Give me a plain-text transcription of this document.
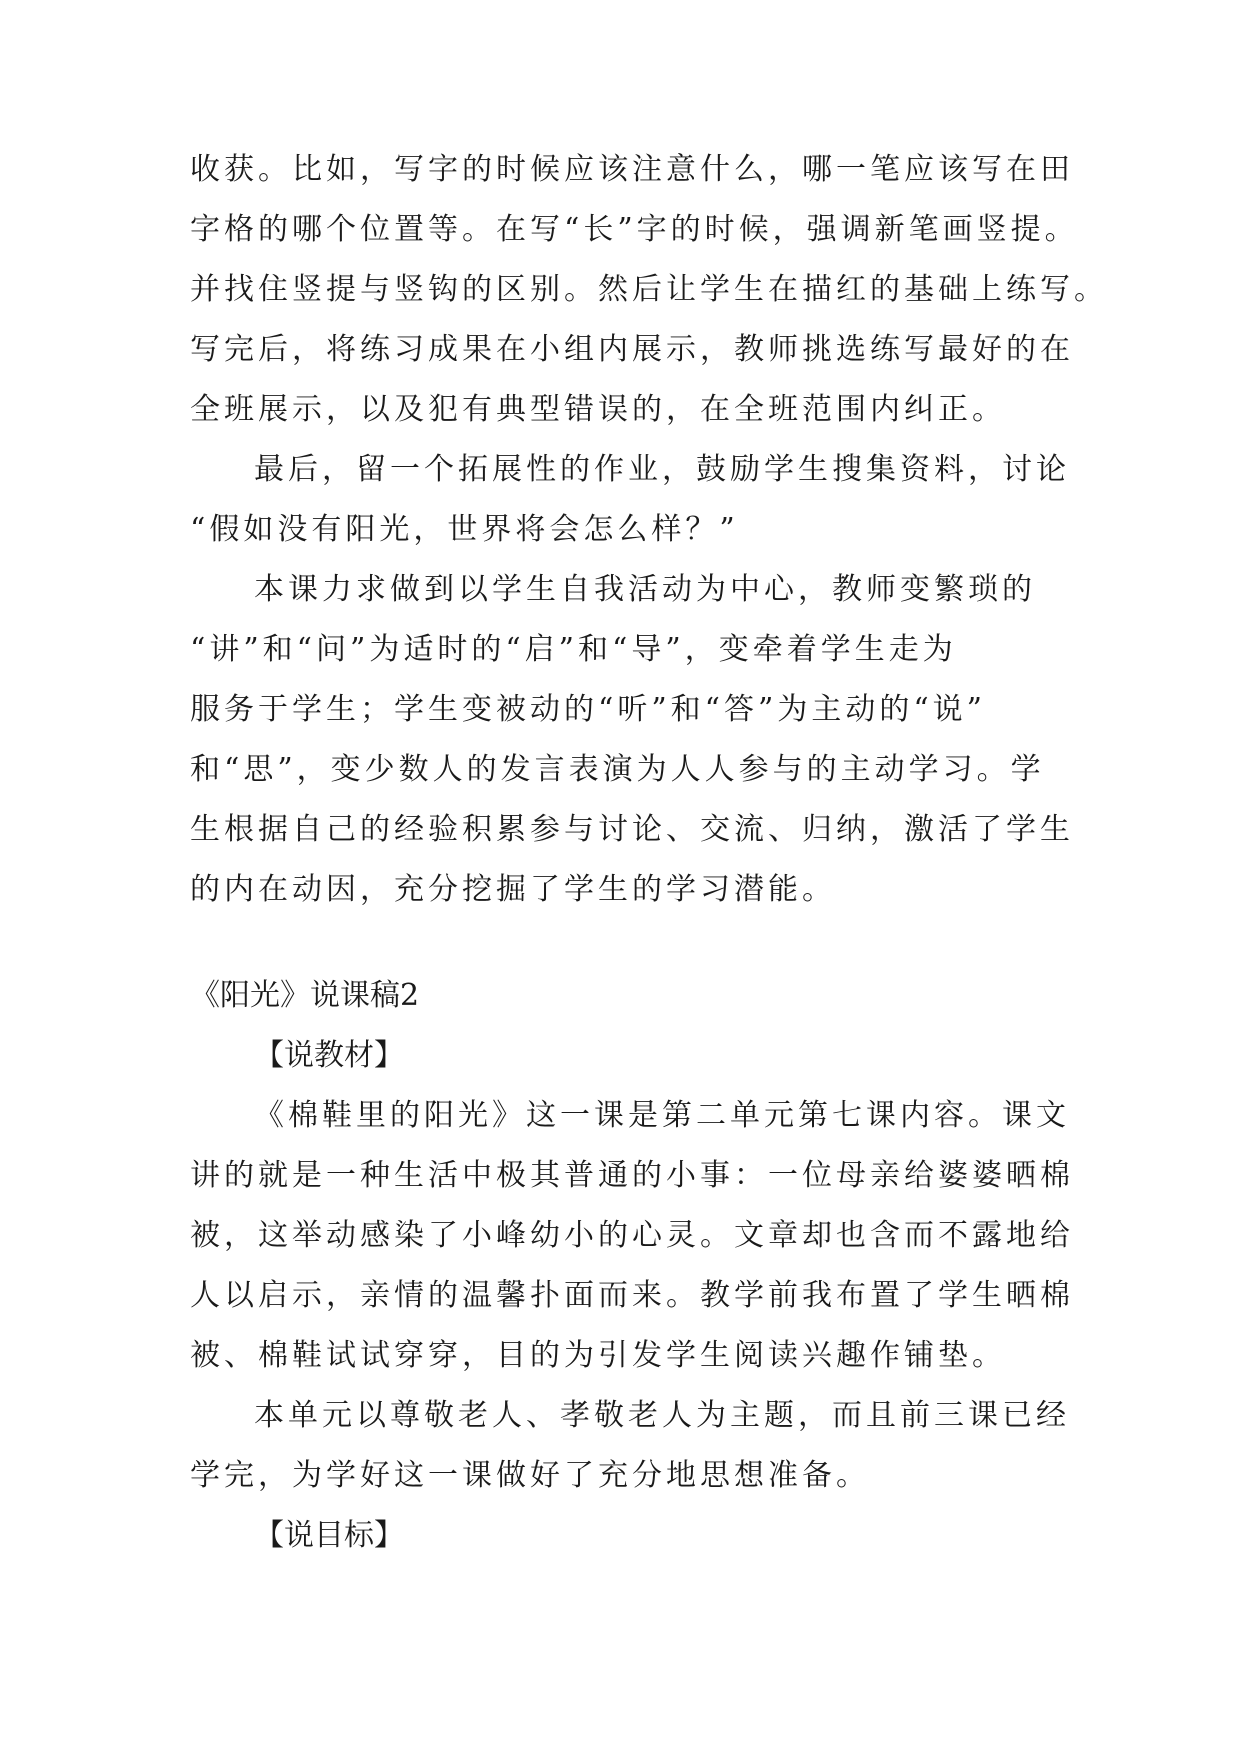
收获。比如，写字的时候应该注意什么，哪一笔应该写在田
字格的哪个位置等。在写“长”字的时候，强调新笔画竖提。
并找住竖提与竖钩的区别。然后让学生在描红的基础上练写。
写完后，将练习成果在小组内展示，教师挑选练写最好的在
全班展示，以及犯有典型错误的，在全班范围内纠正。
最后，留一个拓展性的作业，鼓励学生搜集资料，讨论
“假如没有阳光，世界将会怎么样？”
本课力求做到以学生自我活动为中心，教师变繁琐的
“讲”和“问”为适时的“启”和“导”，变牵着学生走为
服务于学生；学生变被动的“听”和“答”为主动的“说”
和“思”，变少数人的发言表演为人人参与的主动学习。学
生根据自己的经验积累参与讨论、交流、归纳，激活了学生
的内在动因，充分挖掘了学生的学习潜能。
《阳光》说课稿2
【说教材】
《棉鞋里的阳光》这一课是第二单元第七课内容。课文
讲的就是一种生活中极其普通的小事：一位母亲给婆婆晒棉
被，这举动感染了小峰幼小的心灵。文章却也含而不露地给
人以启示，亲情的温馨扑面而来。教学前我布置了学生晒棉
被、棉鞋试试穿穿，目的为引发学生阅读兴趣作铺垫。
本单元以尊敬老人、孝敬老人为主题，而且前三课已经
学完，为学好这一课做好了充分地思想准备。
【说目标】
